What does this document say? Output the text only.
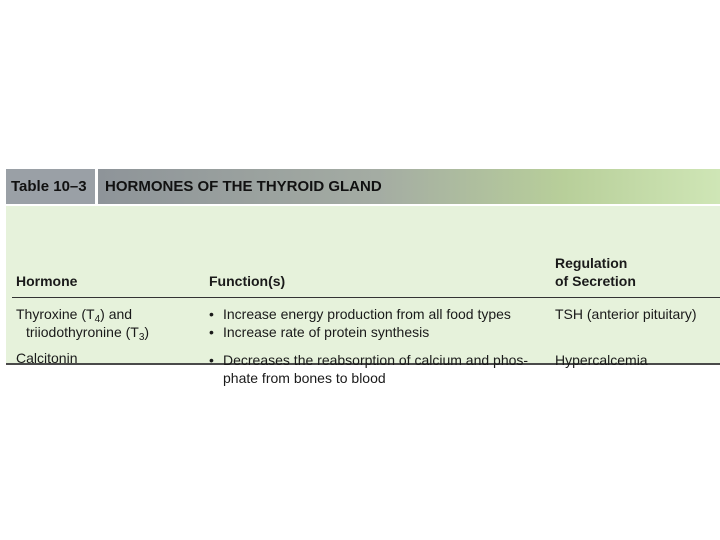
Table 10–3	HORMONES OF THE THYROID GLAND
Hormone	Function(s)
Regulation
of Secretion
Thyroxine $(T_4)$ and
triiodothyronine $(T_3)$
• Increase energy production from all food types
• Increase rate of protein synthesis
TSH (anterior pituitary)
Calcitonin
•	Decreases the reabsorption of calcium and phos-
phate from bones to blood
Hypercalcemia
